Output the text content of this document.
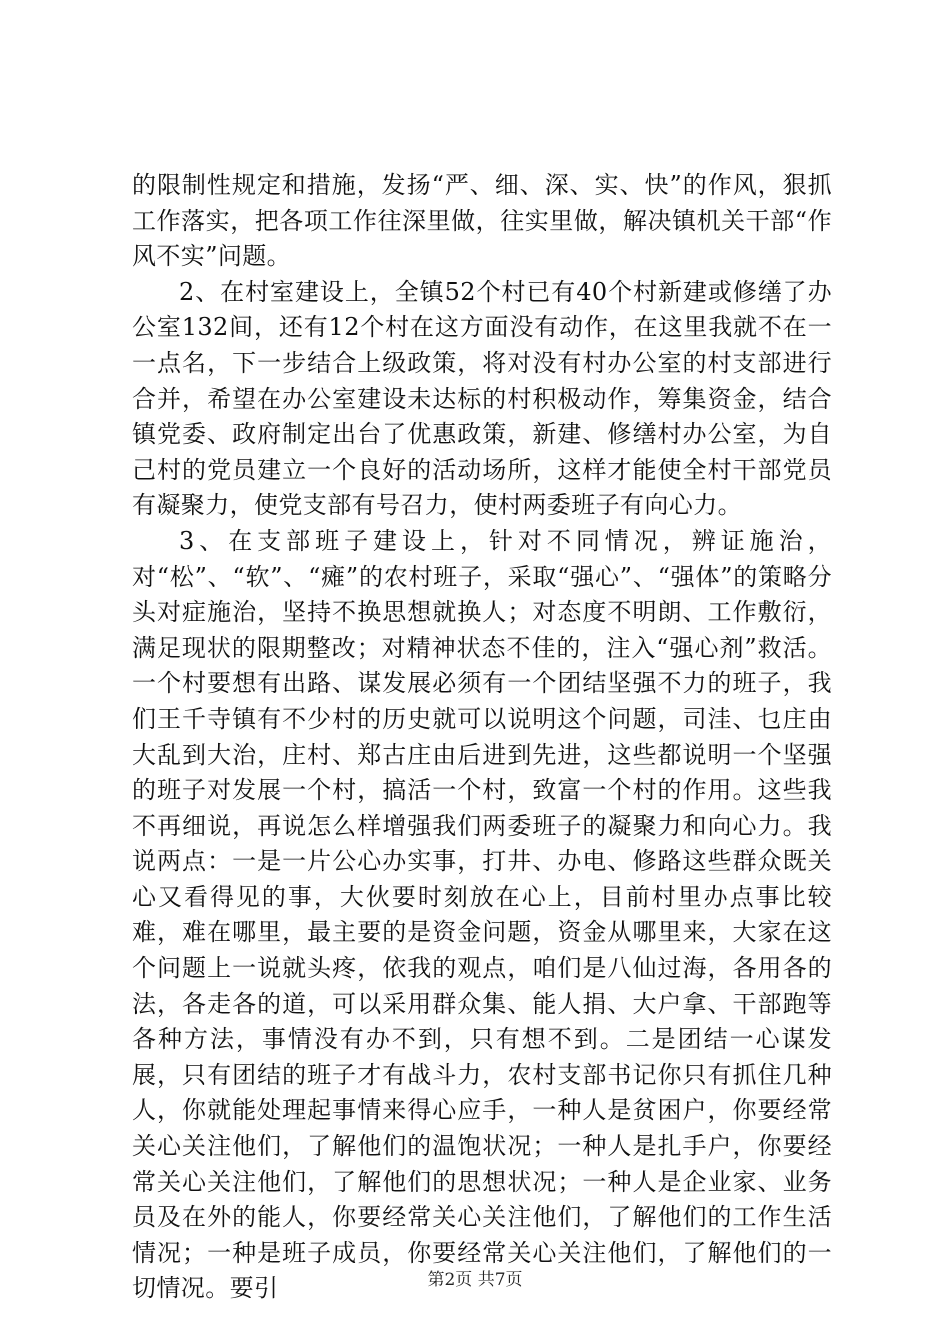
的限制性规定和措施，发扬“严、细、深、实、快”的作风，狠抓工作落实，把各项工作往深里做，往实里做，解决镇机关干部“作风不实”问题。

2、在村室建设上，全镇52个村已有40个村新建或修缮了办公室132间，还有12个村在这方面没有动作，在这里我就不在一一点名，下一步结合上级政策，将对没有村办公室的村支部进行合并，希望在办公室建设未达标的村积极动作，筹集资金，结合镇党委、政府制定出台了优惠政策，新建、修缮村办公室，为自己村的党员建立一个良好的活动场所，这样才能使全村干部党员有凝聚力，使党支部有号召力，使村两委班子有向心力。

3、在支部班子建设上，针对不同情况，辨证施治，对“松”、“软”、“瘫”的农村班子，采取“强心”、“强体”的策略分头对症施治，坚持不换思想就换人；对态度不明朗、工作敷衍，满足现状的限期整改；对精神状态不佳的，注入“强心剂”救活。一个村要想有出路、谋发展必须有一个团结坚强不力的班子，我们王千寺镇有不少村的历史就可以说明这个问题，司洼、乜庄由大乱到大治，庄村、郑古庄由后进到先进，这些都说明一个坚强的班子对发展一个村，搞活一个村，致富一个村的作用。这些我不再细说，再说怎么样增强我们两委班子的凝聚力和向心力。我说两点：一是一片公心办实事，打井、办电、修路这些群众既关心又看得见的事，大伙要时刻放在心上，目前村里办点事比较难，难在哪里，最主要的是资金问题，资金从哪里来，大家在这个问题上一说就头疼，依我的观点，咱们是八仙过海，各用各的法，各走各的道，可以采用群众集、能人捐、大户拿、干部跑等各种方法，事情没有办不到，只有想不到。二是团结一心谋发展，只有团结的班子才有战斗力，农村支部书记你只有抓住几种人，你就能处理起事情来得心应手，一种人是贫困户，你要经常关心关注他们，了解他们的温饱状况；一种人是扎手户，你要经常关心关注他们，了解他们的思想状况；一种人是企业家、业务员及在外的能人，你要经常关心关注他们，了解他们的工作生活情况；一种是班子成员，你要经常关心关注他们，了解他们的一切情况。要引	第2页 共7页
